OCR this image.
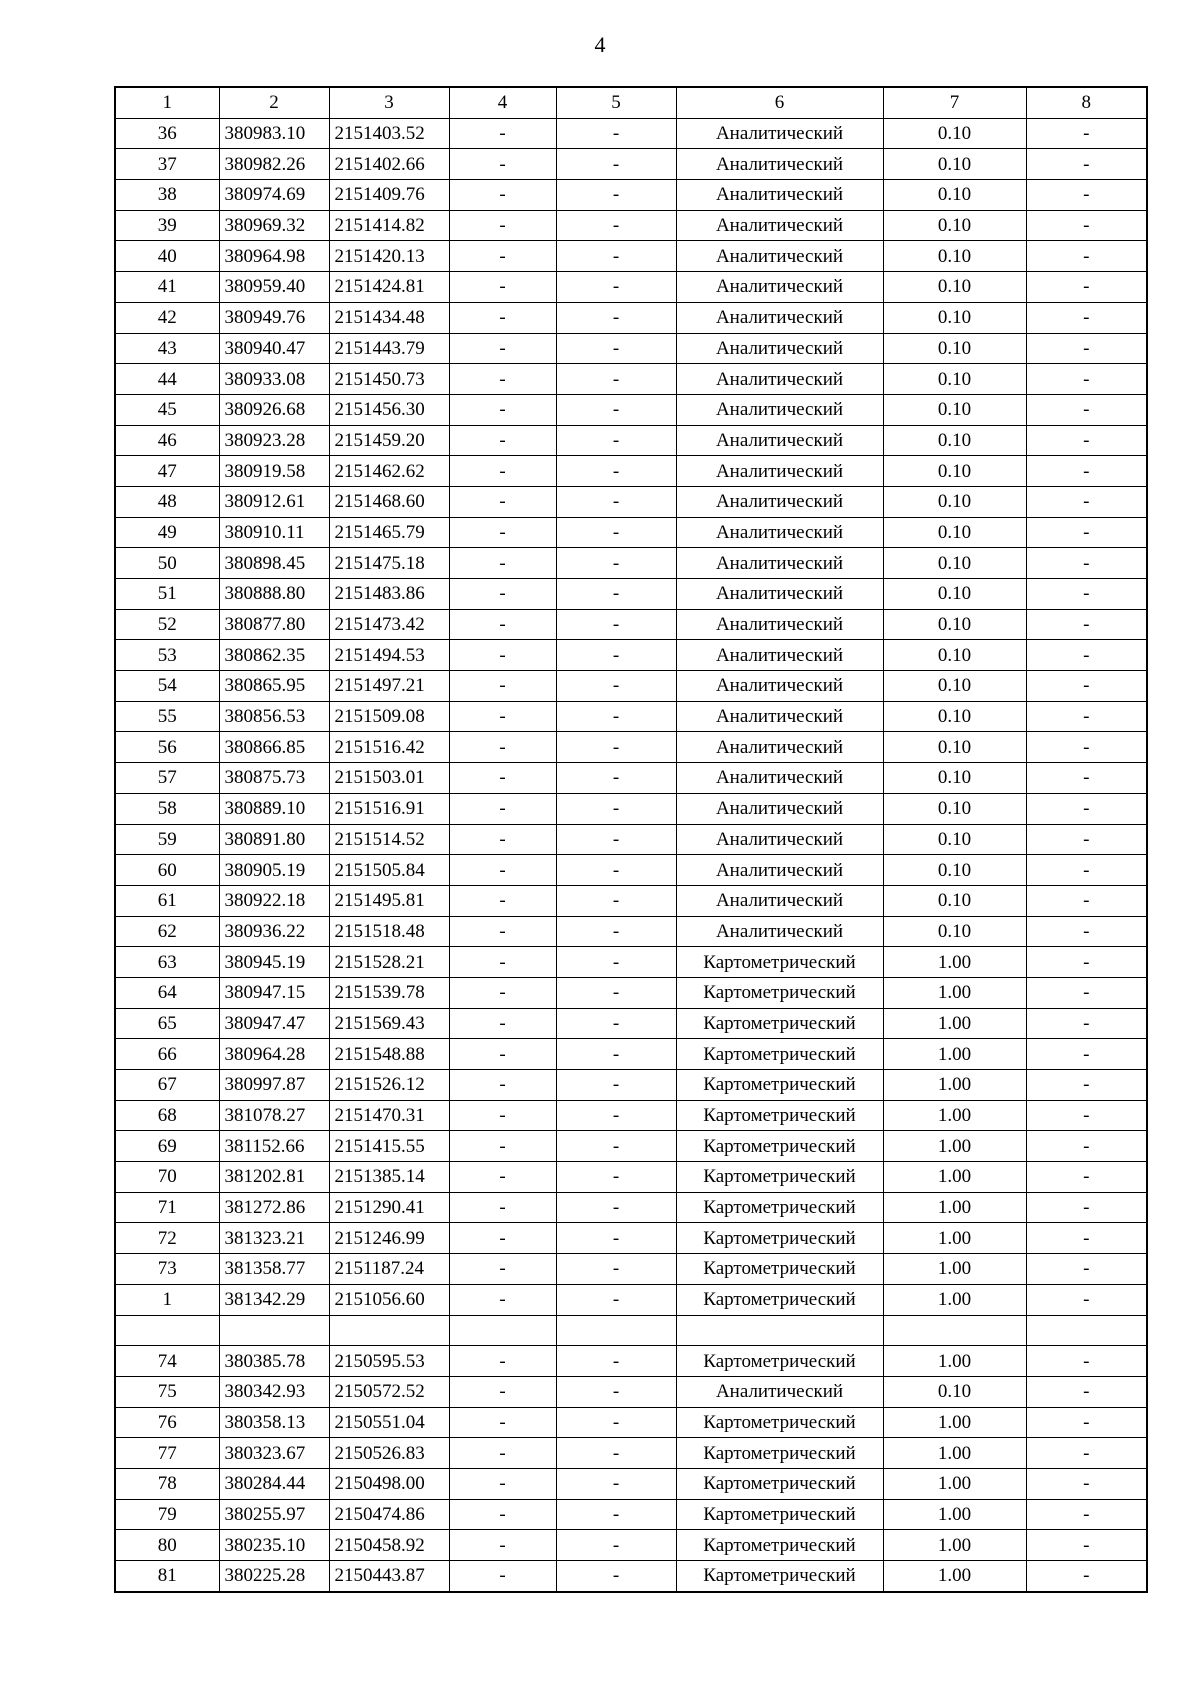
4
1	2	3	4	5	6	7	8
36	380983.10	2151403.52	-	-	Аналитический	0.10	-
37	380982.26	2151402.66	-	-	Аналитический	0.10	-
38	380974.69	2151409.76	-	-	Аналитический	0.10	-
39	380969.32	2151414.82	-	-	Аналитический	0.10	-
40	380964.98	2151420.13	-	-	Аналитический	0.10	-
41	380959.40	2151424.81	-	-	Аналитический	0.10	-
42	380949.76	2151434.48	-	-	Аналитический	0.10	-
43	380940.47	2151443.79	-	-	Аналитический	0.10	-
44	380933.08	2151450.73	-	-	Аналитический	0.10	-
45	380926.68	2151456.30	-	-	Аналитический	0.10	-
46	380923.28	2151459.20	-	-	Аналитический	0.10	-
47	380919.58	2151462.62	-	-	Аналитический	0.10	-
48	380912.61	2151468.60	-	-	Аналитический	0.10	-
49	380910.11	2151465.79	-	-	Аналитический	0.10	-
50	380898.45	2151475.18	-	-	Аналитический	0.10	-
51	380888.80	2151483.86	-	-	Аналитический	0.10	-
52	380877.80	2151473.42	-	-	Аналитический	0.10	-
53	380862.35	2151494.53	-	-	Аналитический	0.10	-
54	380865.95	2151497.21	-	-	Аналитический	0.10	-
55	380856.53	2151509.08	-	-	Аналитический	0.10	-
56	380866.85	2151516.42	-	-	Аналитический	0.10	-
57	380875.73	2151503.01	-	-	Аналитический	0.10	-
58	380889.10	2151516.91	-	-	Аналитический	0.10	-
59	380891.80	2151514.52	-	-	Аналитический	0.10	-
60	380905.19	2151505.84	-	-	Аналитический	0.10	-
61	380922.18	2151495.81	-	-	Аналитический	0.10	-
62	380936.22	2151518.48	-	-	Аналитический	0.10	-
63	380945.19	2151528.21	-	-	Картометрический	1.00	-
64	380947.15	2151539.78	-	-	Картометрический	1.00	-
65	380947.47	2151569.43	-	-	Картометрический	1.00	-
66	380964.28	2151548.88	-	-	Картометрический	1.00	-
67	380997.87	2151526.12	-	-	Картометрический	1.00	-
68	381078.27	2151470.31	-	-	Картометрический	1.00	-
69	381152.66	2151415.55	-	-	Картометрический	1.00	-
70	381202.81	2151385.14	-	-	Картометрический	1.00	-
71	381272.86	2151290.41	-	-	Картометрический	1.00	-
72	381323.21	2151246.99	-	-	Картометрический	1.00	-
73	381358.77	2151187.24	-	-	Картометрический	1.00	-
1	381342.29	2151056.60	-	-	Картометрический	1.00	-

74	380385.78	2150595.53	-	-	Картометрический	1.00	-
75	380342.93	2150572.52	-	-	Аналитический	0.10	-
76	380358.13	2150551.04	-	-	Картометрический	1.00	-
77	380323.67	2150526.83	-	-	Картометрический	1.00	-
78	380284.44	2150498.00	-	-	Картометрический	1.00	-
79	380255.97	2150474.86	-	-	Картометрический	1.00	-
80	380235.10	2150458.92	-	-	Картометрический	1.00	-
81	380225.28	2150443.87	-	-	Картометрический	1.00	-
